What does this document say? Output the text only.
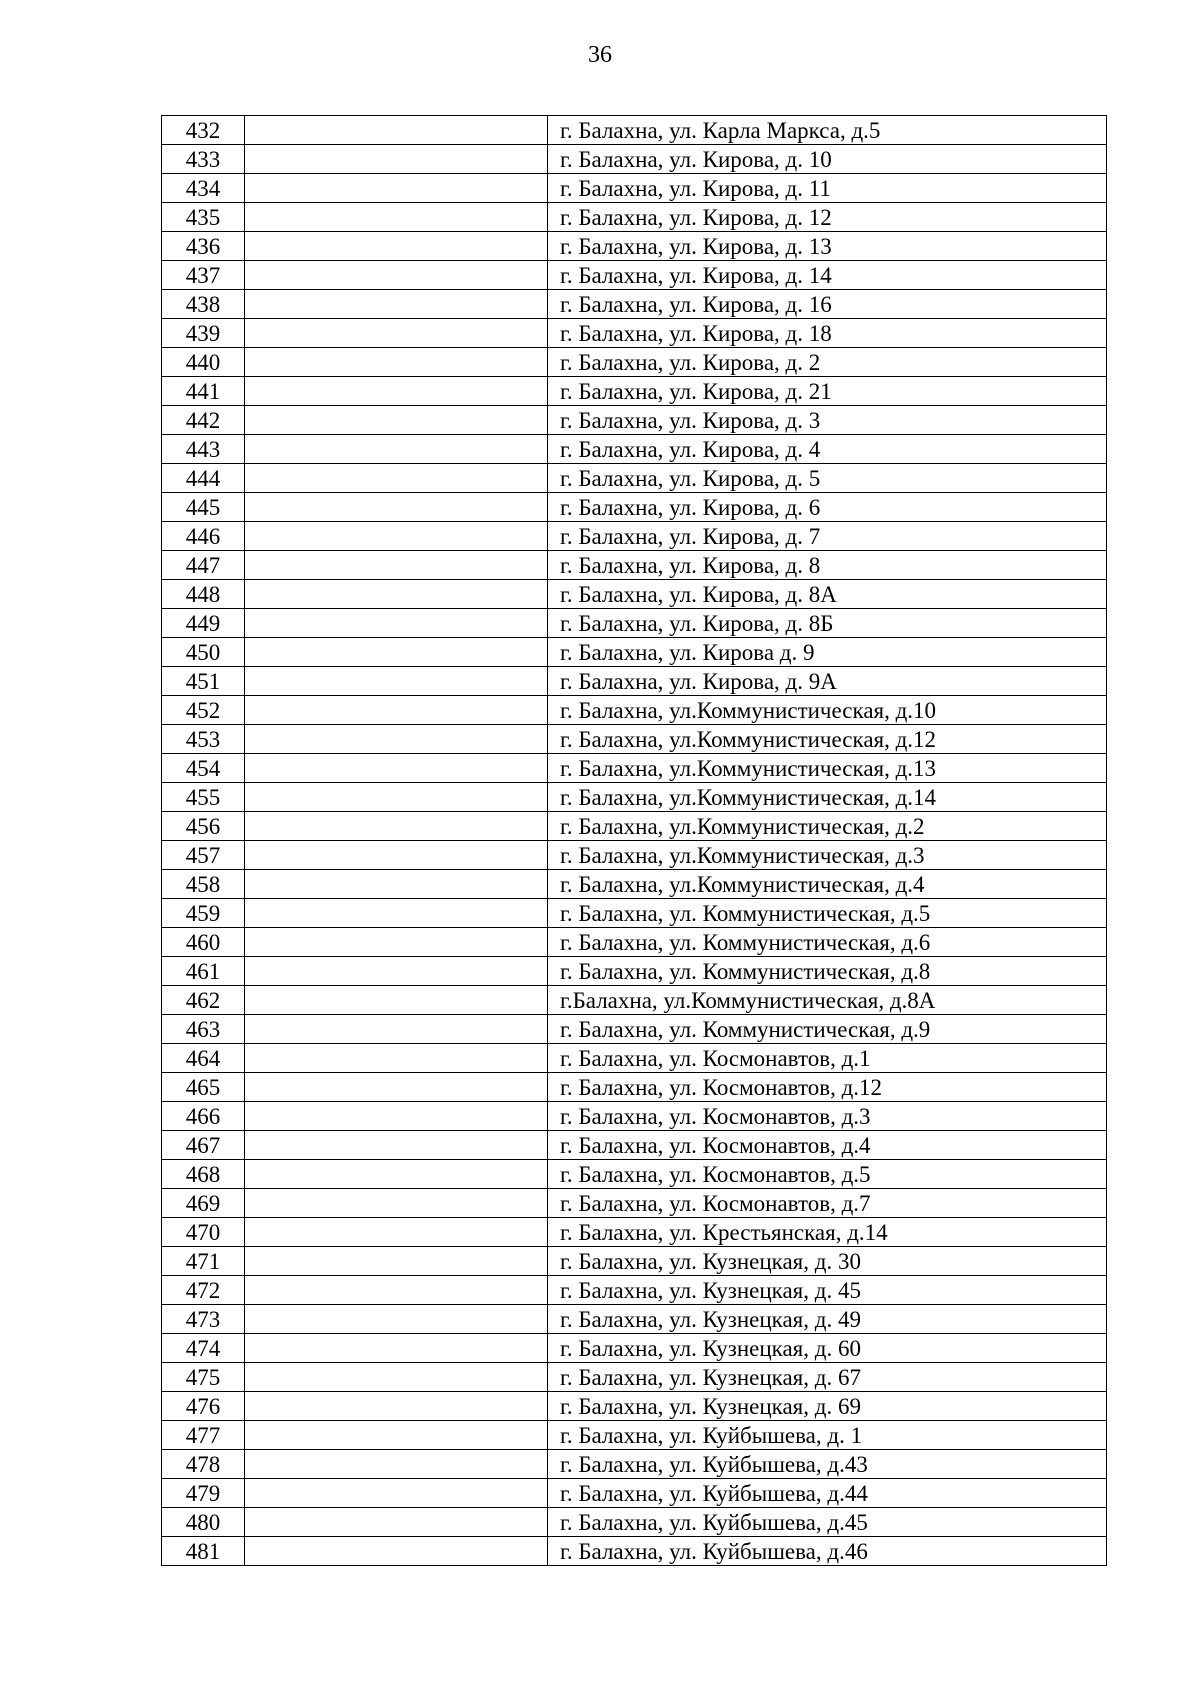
36
432		г. Балахна, ул. Карла Маркса, д.5
433		г. Балахна, ул. Кирова, д. 10
434		г. Балахна, ул. Кирова, д. 11
435		г. Балахна, ул. Кирова, д. 12
436		г. Балахна, ул. Кирова, д. 13
437		г. Балахна, ул. Кирова, д. 14
438		г. Балахна, ул. Кирова, д. 16
439		г. Балахна, ул. Кирова, д. 18
440		г. Балахна, ул. Кирова, д. 2
441		г. Балахна, ул. Кирова, д. 21
442		г. Балахна, ул. Кирова, д. 3
443		г. Балахна, ул. Кирова, д. 4
444		г. Балахна, ул. Кирова, д. 5
445		г. Балахна, ул. Кирова, д. 6
446		г. Балахна, ул. Кирова, д. 7
447		г. Балахна, ул. Кирова, д. 8
448		г. Балахна, ул. Кирова, д. 8А
449		г. Балахна, ул. Кирова, д. 8Б
450		г. Балахна, ул. Кирова д. 9
451		г. Балахна, ул. Кирова, д. 9А
452		г. Балахна, ул.Коммунистическая, д.10
453		г. Балахна, ул.Коммунистическая, д.12
454		г. Балахна, ул.Коммунистическая, д.13
455		г. Балахна, ул.Коммунистическая, д.14
456		г. Балахна, ул.Коммунистическая, д.2
457		г. Балахна, ул.Коммунистическая, д.3
458		г. Балахна, ул.Коммунистическая, д.4
459		г. Балахна, ул. Коммунистическая, д.5
460		г. Балахна, ул. Коммунистическая, д.6
461		г. Балахна, ул. Коммунистическая, д.8
462		г.Балахна, ул.Коммунистическая, д.8А
463		г. Балахна, ул. Коммунистическая, д.9
464		г. Балахна, ул. Космонавтов, д.1
465		г. Балахна, ул. Космонавтов, д.12
466		г. Балахна, ул. Космонавтов, д.3
467		г. Балахна, ул. Космонавтов, д.4
468		г. Балахна, ул. Космонавтов, д.5
469		г. Балахна, ул. Космонавтов, д.7
470		г. Балахна, ул. Крестьянская, д.14
471		г. Балахна, ул. Кузнецкая, д. 30
472		г. Балахна, ул. Кузнецкая, д. 45
473		г. Балахна, ул. Кузнецкая, д. 49
474		г. Балахна, ул. Кузнецкая, д. 60
475		г. Балахна, ул. Кузнецкая, д. 67
476		г. Балахна, ул. Кузнецкая, д. 69
477		г. Балахна, ул. Куйбышева, д. 1
478		г. Балахна, ул. Куйбышева, д.43
479		г. Балахна, ул. Куйбышева, д.44
480		г. Балахна, ул. Куйбышева, д.45
481		г. Балахна, ул. Куйбышева, д.46
